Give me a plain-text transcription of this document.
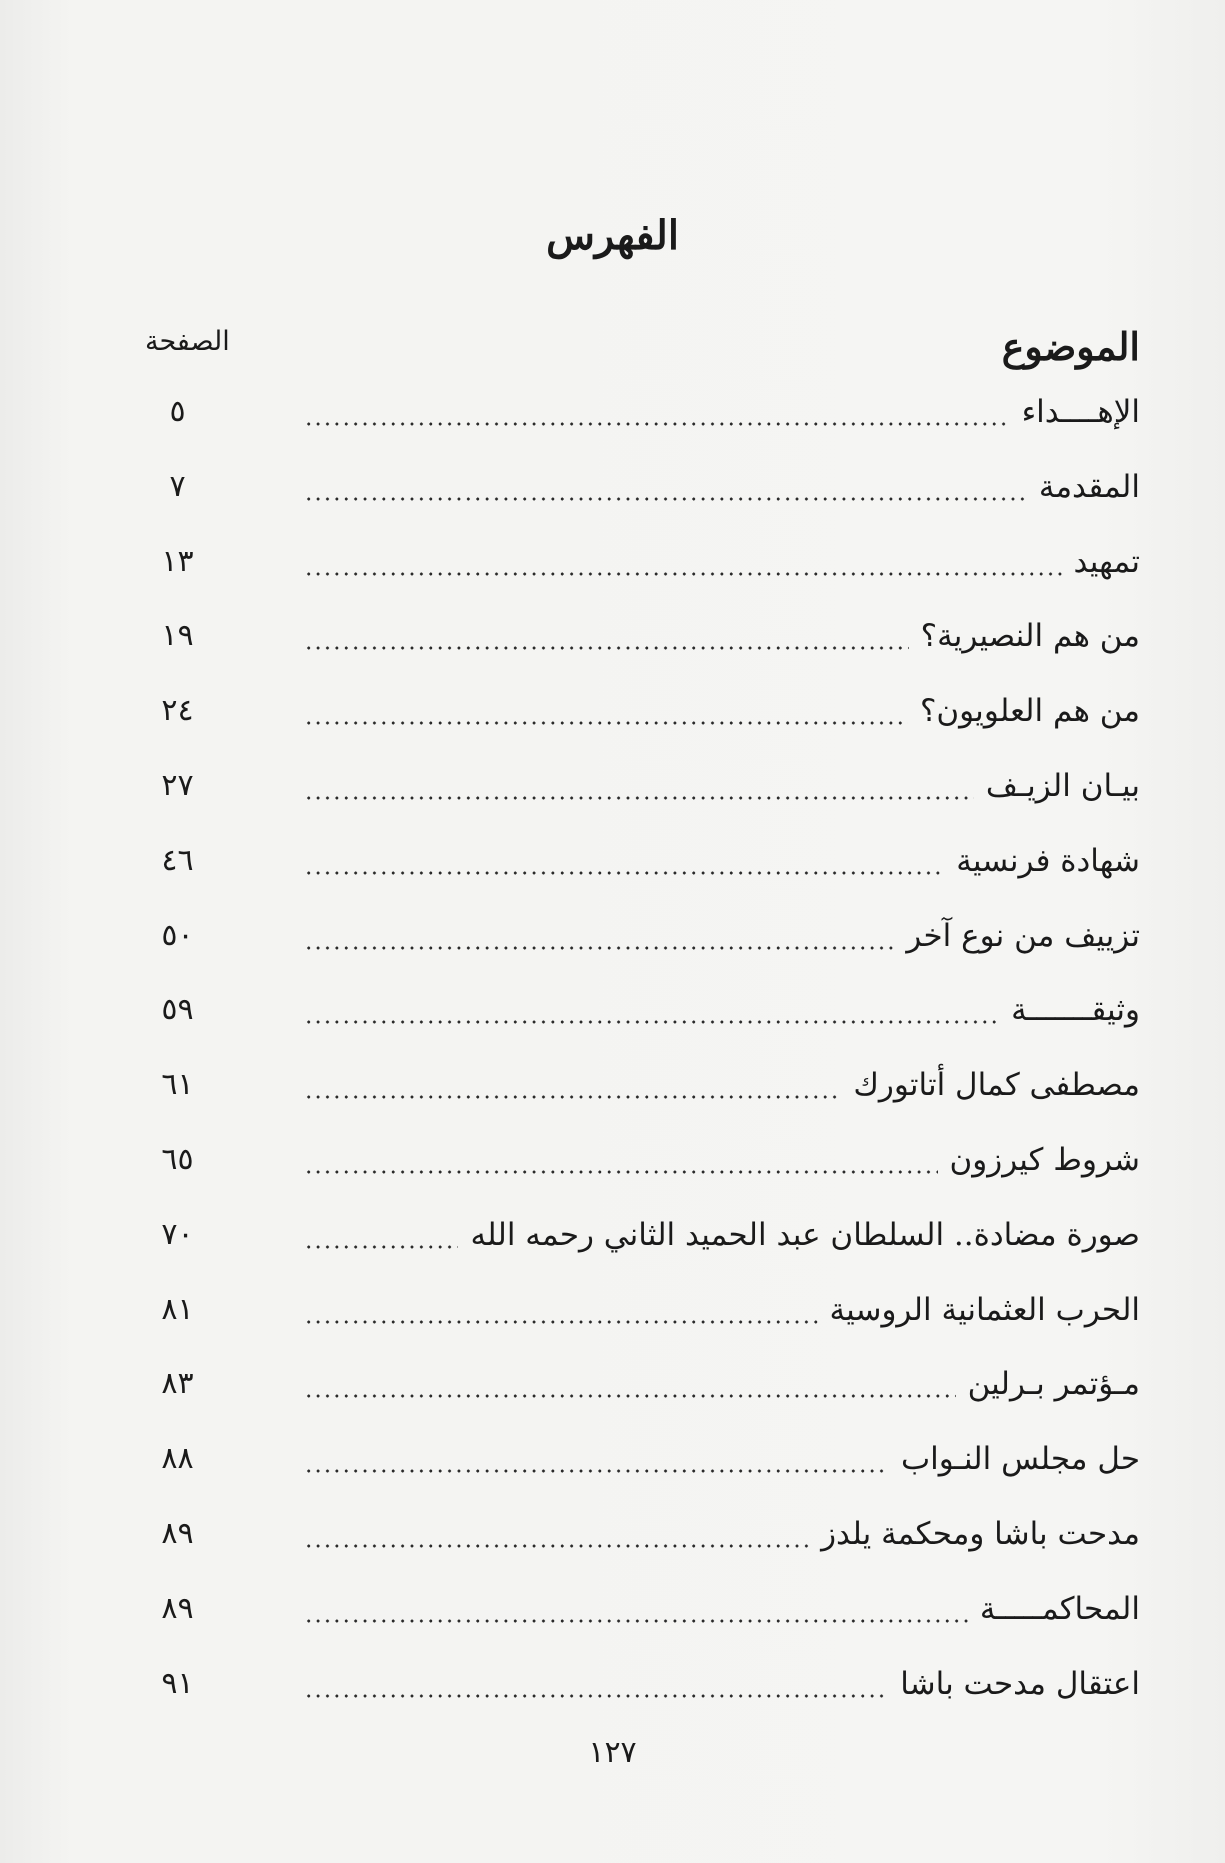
الفهرس
الموضوع
الصفحة
الإهــــداء
٥
المقدمة
٧
تمهيد
١٣
من هم النصيرية؟
١٩
من هم العلويون؟
٢٤
بيـان الزيـف
٢٧
شهادة فرنسية
٤٦
تزييف من نوع آخر
٥٠
وثيقـــــــة
٥٩
مصطفى كمال أتاتورك
٦١
شروط كيرزون
٦٥
صورة مضادة.. السلطان عبد الحميد الثاني رحمه الله
٧٠
الحرب العثمانية الروسية
٨١
مـؤتمر بـرلين
٨٣
حل مجلس النـواب
٨٨
مدحت باشا ومحكمة يلدز
٨٩
المحاكمـــــة
٨٩
اعتقال مدحت باشا
٩١
١٢٧
